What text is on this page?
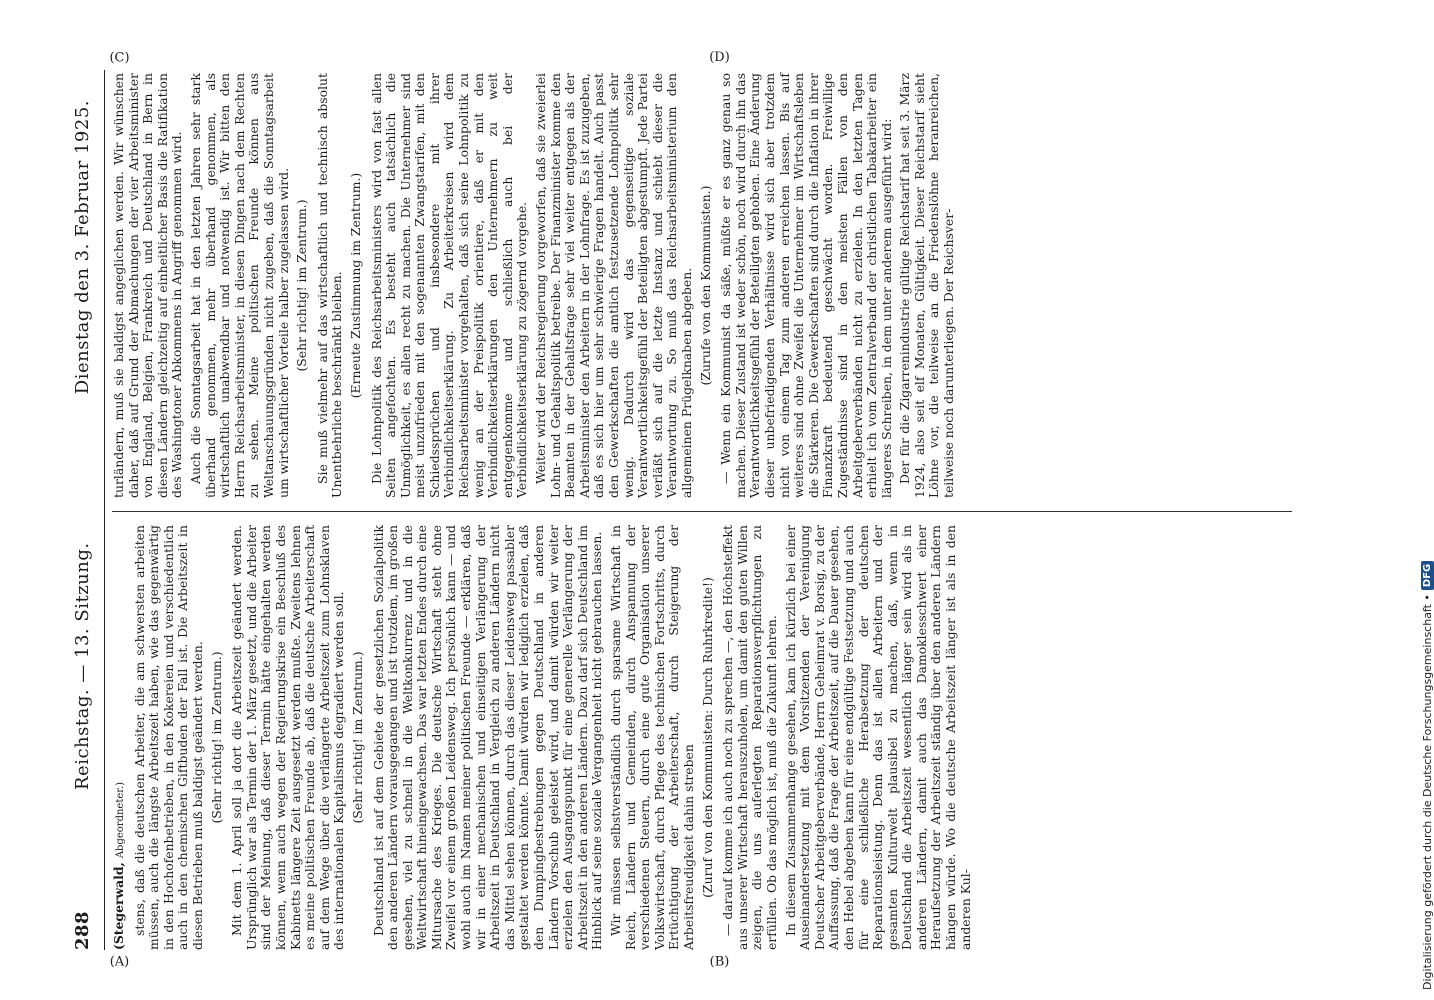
288
Reichstag. — 13. Sitzung.
Dienstag den 3. Februar 1925.

(Stegerwald, Abgeordneter.) stens, daß die deutschen Arbeiter, die am schwersten arbeiten müssen, auch die längste Arbeitszeit haben, wie das gegenwärtig in den Hochofenbetrieben, in den Kokereien und verschiedentlich auch in den chemischen Giftbuden der Fall ist. Die Arbeitszeit in diesen Betrieben muß baldigst geändert werden. (Sehr richtig! im Zentrum.) Mit dem 1. April soll ja dort die Arbeitszeit geändert werden. Ursprünglich war als Termin der 1. März gesetzt, und die Arbeiter sind der Meinung, daß dieser Termin hätte eingehalten werden können, wenn auch wegen der Regierungskrise ein Beschluß des Kabinetts längere Zeit ausgesetzt werden mußte. Zweitens lehnen es meine politischen Freunde ab, daß die deutsche Arbeiterschaft auf dem Wege über die verlängerte Arbeitszeit zum Lohnsklaven des internationalen Kapitalismus degradiert werden soll. (Sehr richtig! im Zentrum.) Deutschland ist auf dem Gebiete der gesetzlichen Sozialpolitik den anderen Ländern vorausgegangen und ist trotzdem, im großen gesehen, viel zu schnell in die Weltkonkurrenz und in die Weltwirtschaft hineingewachsen. Das war letzten Endes durch eine Mitursache des Krieges. Die deutsche Wirtschaft steht ohne Zweifel vor einem großen Leidensweg. Ich persönlich kann — und wohl auch im Namen meiner politischen Freunde — erklären, daß wir in einer mechanischen und einseitigen Verlängerung der Arbeitszeit in Deutschland in Vergleich zu anderen Ländern nicht das Mittel sehen können, durch das dieser Leidensweg passabler gestaltet werden könnte. Damit würden wir lediglich erzielen, daß den Dumpingbestrebungen gegen Deutschland in anderen Ländern Vorschub geleistet wird, und damit würden wir weiter erzielen den Ausgangspunkt für eine generelle Verlängerung der Arbeitszeit in den anderen Ländern. Dazu darf sich Deutschland im Hinblick auf seine soziale Vergangenheit nicht gebrauchen lassen. Wir müssen selbstverständlich durch sparsame Wirtschaft in Reich, Ländern und Gemeinden, durch Anspannung der verschiedenen Steuern, durch eine gute Organisation unserer Volkswirtschaft, durch Pflege des technischen Fortschritts, durch Ertüchtigung der Arbeiterschaft, durch Steigerung der Arbeitsfreudigkeit dahin streben (Zuruf von den Kommunisten: Durch Ruhrkredite!) — darauf komme ich auch noch zu sprechen —, den Höchsteffekt aus unserer Wirtschaft herauszuholen, um damit den guten Willen zeigen, die uns auferlegten Reparationsverpflichtungen zu erfüllen. Ob das möglich ist, muß die Zukunft lehren. In diesem Zusammenhange gesehen, kam ich kürzlich bei einer Auseinandersetzung mit dem Vorsitzenden der Vereinigung Deutscher Arbeitgeberverbände, Herrn Geheimrat v. Borsig, zu der Auffassung, daß die Frage der Arbeitszeit, auf die Dauer gesehen, den Hebel abgeben kann für eine endgültige Festsetzung und auch für eine schließliche Herabsetzung der deutschen Reparationsleistung. Denn das ist allen Arbeitern und der gesamten Kulturwelt plausibel zu machen, daß, wenn in Deutschland die Arbeitszeit wesentlich länger sein wird als in anderen Ländern, damit auch das Damoklesschwert einer Heraufsetzung der Arbeitszeit ständig über den anderen Ländern hängen würde. Wo die deutsche Arbeitszeit länger ist als in den anderen Kul-

turländern, muß sie baldigst angeglichen werden. Wir wünschen daher, daß auf Grund der Abmachungen der vier Arbeitsminister von England, Belgien, Frankreich und Deutschland in Bern in diesen Ländern gleichzeitig auf einheitlicher Basis die Ratifikation des Washingtoner Abkommens in Angriff genommen wird. Auch die Sonntagsarbeit hat in den letzten Jahren sehr stark überhand genommen, mehr überhand genommen, als wirtschaftlich unabwendbar und notwendig ist. Wir bitten den Herrn Reichsarbeitsminister, in diesen Dingen nach dem Rechten zu sehen. Meine politischen Freunde können aus Weltanschauungsgründen nicht zugeben, daß die Sonntagsarbeit um wirtschaftlicher Vorteile halber zugelassen wird. (Sehr richtig! im Zentrum.) Sie muß vielmehr auf das wirtschaftlich und technisch absolut Unentbehrliche beschränkt bleiben. (Erneute Zustimmung im Zentrum.) Die Lohnpolitik des Reichsarbeitsministers wird von fast allen Seiten angefochten. Es besteht auch tatsächlich die Unmöglichkeit, es allen recht zu machen. Die Unternehmer sind meist unzufrieden mit den sogenannten Zwangstarifen, mit den Schiedssprüchen und insbesondere mit ihrer Verbindlichkeitserklärung. Zu Arbeiterkreisen wird dem Reichsarbeitsminister vorgehalten, daß sich seine Lohnpolitik zu wenig an der Preispolitik orientiere, daß er mit den Verbindlichkeitserklärungen den Unternehmern zu weit entgegenkomme und schließlich auch bei der Verbindlichkeitserklärung zu zögernd vorgehe. Weiter wird der Reichsregierung vorgeworfen, daß sie zweierlei Lohn- und Gehaltspolitik betreibe. Der Finanzminister komme den Beamten in der Gehaltsfrage sehr viel weiter entgegen als der Arbeitsminister den Arbeitern in der Lohnfrage. Es ist zuzugeben, daß es sich hier um sehr schwierige Fragen handelt. Auch passt den Gewerkschaften die amtlich festzusetzende Lohnpolitik sehr wenig. Dadurch wird das gegenseitige soziale Verantwortlichkeitsgefühl der Beteiligten abgestumpft. Jede Partei verläßt sich auf die letzte Instanz und schiebt dieser die Verantwortung zu. So muß das Reichsarbeitsministerium den allgemeinen Prügelknaben abgeben. (Zurufe von den Kommunisten.) — Wenn ein Kommunist da säße, müßte er es ganz genau so machen. Dieser Zustand ist weder schön, noch wird durch ihn das Verantwortlichkeitsgefühl der Beteiligten gehoben. Eine Änderung dieser unbefriedigenden Verhältnisse wird sich aber trotzdem nicht von einem Tag zum anderen erreichen lassen. Bis auf weiteres sind ohne Zweifel die Unternehmer im Wirtschaftsleben die Stärkeren. Die Gewerkschaften sind durch die Inflation in ihrer Finanzkraft bedeutend geschwächt worden. Freiwillige Zugeständnisse sind in den meisten Fällen von den Arbeitgeberverbänden nicht zu erzielen. In den letzten Tagen erhielt ich vom Zentralverband der christlichen Tabakarbeiter ein längeres Schreiben, in dem unter anderem ausgeführt wird: Der für die Zigarrenindustrie gültige Reichstarif hat seit 3. März 1924, also seit elf Monaten, Gültigkeit. Dieser Reichstarif sieht Löhne vor, die teilweise an die Friedenslöhne heranreichen, teilweise noch darunterliegen. Der Reichsver-

(A)	(B)
(C)	(D)
Digitalisierung gefördert durch die Deutsche Forschungsgemeinschaft •
DFG
